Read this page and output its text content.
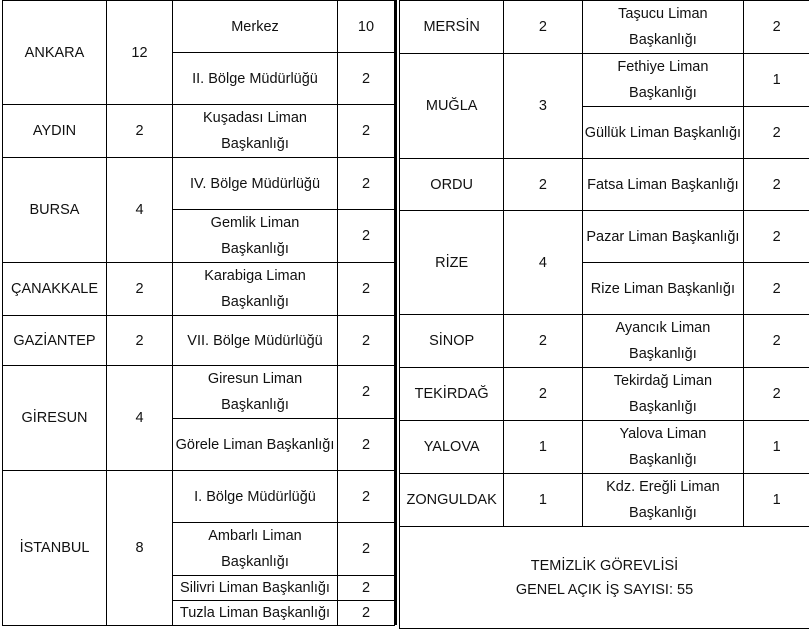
ANKARA	12	Merkez	10
		II. Bölge Müdürlüğü	2
AYDIN	2	Kuşadası Liman Başkanlığı	2
BURSA	4	IV. Bölge Müdürlüğü	2
		Gemlik Liman Başkanlığı	2
ÇANAKKALE	2	Karabiga Liman Başkanlığı	2
GAZİANTEP	2	VII. Bölge Müdürlüğü	2
GİRESUN	4	Giresun Liman Başkanlığı	2
		Görele Liman Başkanlığı	2
İSTANBUL	8	I. Bölge Müdürlüğü	2
		Ambarlı Liman Başkanlığı	2
		Silivri Liman Başkanlığı	2
		Tuzla Liman Başkanlığı	2
MERSİN	2	Taşucu Liman Başkanlığı	2
MUĞLA	3	Fethiye Liman Başkanlığı	1
		Güllük Liman Başkanlığı	2
ORDU	2	Fatsa Liman Başkanlığı	2
RİZE	4	Pazar Liman Başkanlığı	2
		Rize Liman Başkanlığı	2
SİNOP	2	Ayancık Liman Başkanlığı	2
TEKİRDAĞ	2	Tekirdağ Liman Başkanlığı	2
YALOVA	1	Yalova Liman Başkanlığı	1
ZONGULDAK	1	Kdz. Ereğli Liman Başkanlığı	1

TEMİZLİK GÖREVLİSİ
GENEL AÇIK İŞ SAYISI: 55			
